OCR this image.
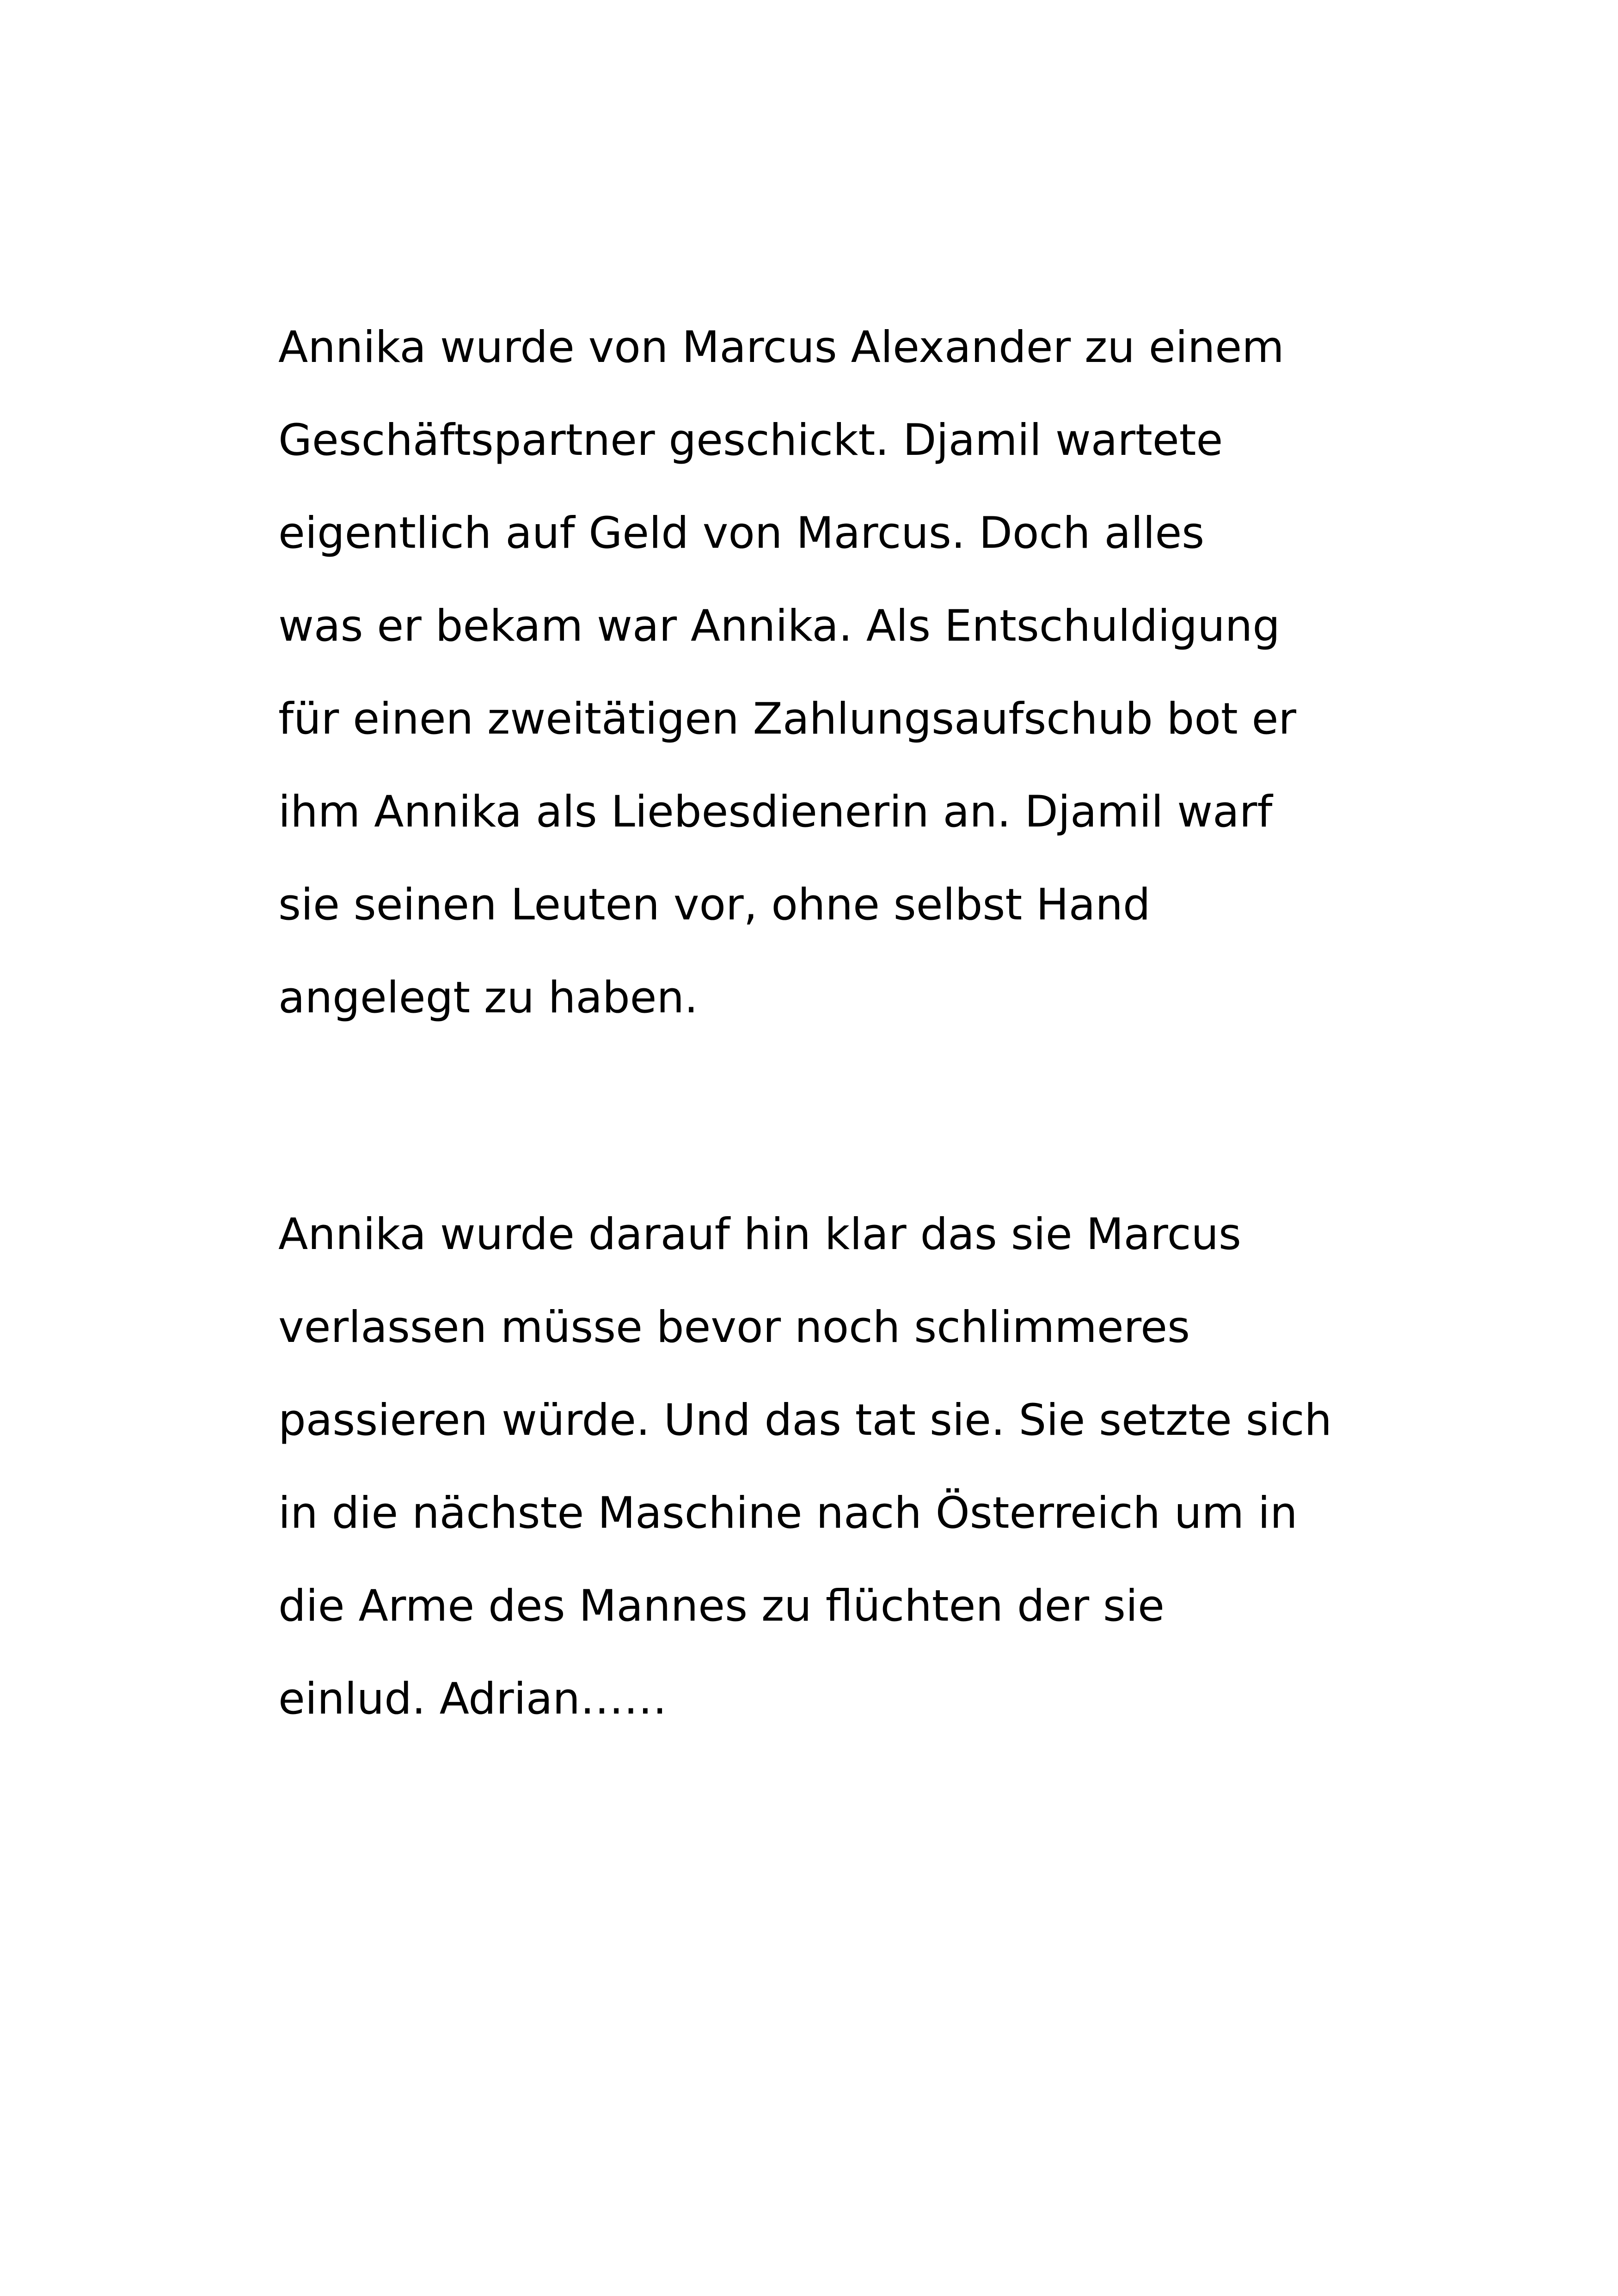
Annika wurde von Marcus Alexander zu einem
Geschäftspartner geschickt. Djamil wartete
eigentlich auf Geld von Marcus. Doch alles
was er bekam war Annika. Als Entschuldigung
für einen zweitätigen Zahlungsaufschub bot er
ihm Annika als Liebesdienerin an. Djamil warf
sie seinen Leuten vor, ohne selbst Hand
angelegt zu haben.

Annika wurde darauf hin klar das sie Marcus
verlassen müsse bevor noch schlimmeres
passieren würde. Und das tat sie. Sie setzte sich
in die nächste Maschine nach Österreich um in
die Arme des Mannes zu flüchten der sie
einlud. Adrian……
